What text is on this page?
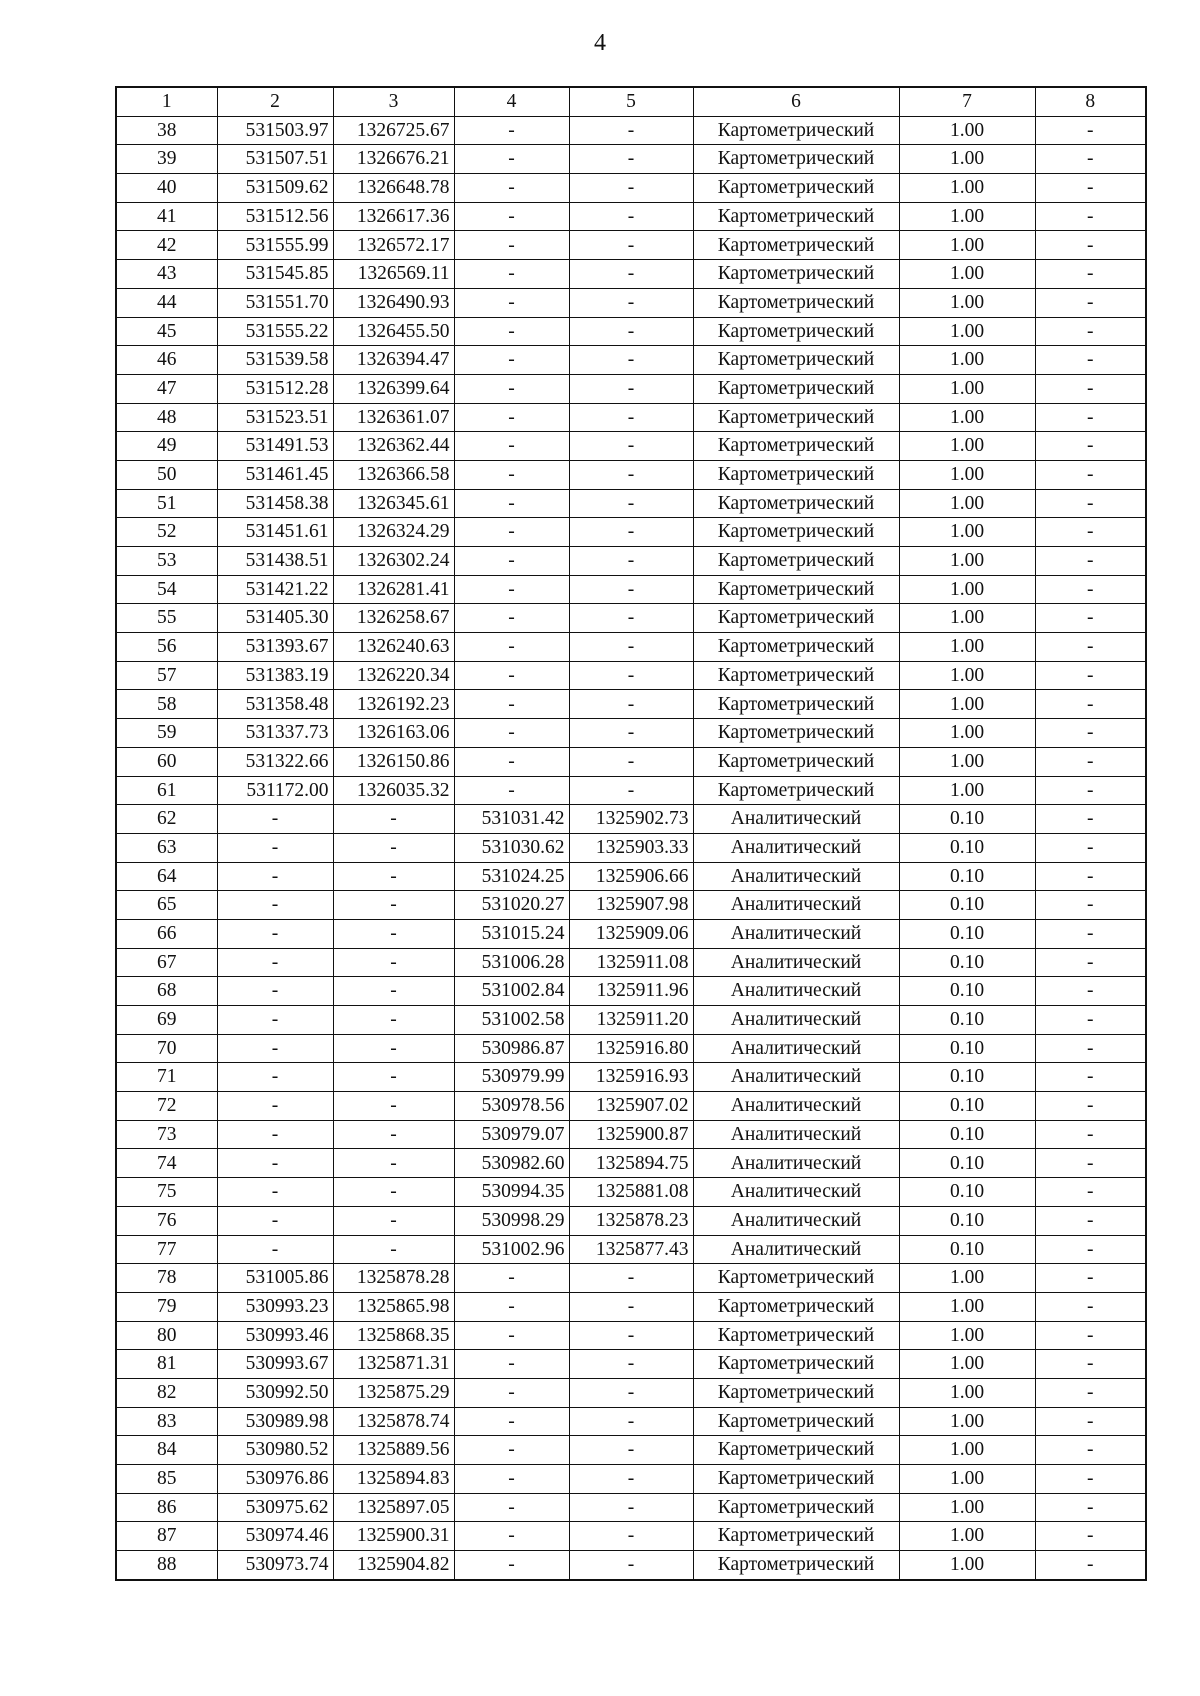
4
1	2	3	4	5	6	7	8
38	531503.97	1326725.67	-	-	Картометрический	1.00	-
39	531507.51	1326676.21	-	-	Картометрический	1.00	-
40	531509.62	1326648.78	-	-	Картометрический	1.00	-
41	531512.56	1326617.36	-	-	Картометрический	1.00	-
42	531555.99	1326572.17	-	-	Картометрический	1.00	-
43	531545.85	1326569.11	-	-	Картометрический	1.00	-
44	531551.70	1326490.93	-	-	Картометрический	1.00	-
45	531555.22	1326455.50	-	-	Картометрический	1.00	-
46	531539.58	1326394.47	-	-	Картометрический	1.00	-
47	531512.28	1326399.64	-	-	Картометрический	1.00	-
48	531523.51	1326361.07	-	-	Картометрический	1.00	-
49	531491.53	1326362.44	-	-	Картометрический	1.00	-
50	531461.45	1326366.58	-	-	Картометрический	1.00	-
51	531458.38	1326345.61	-	-	Картометрический	1.00	-
52	531451.61	1326324.29	-	-	Картометрический	1.00	-
53	531438.51	1326302.24	-	-	Картометрический	1.00	-
54	531421.22	1326281.41	-	-	Картометрический	1.00	-
55	531405.30	1326258.67	-	-	Картометрический	1.00	-
56	531393.67	1326240.63	-	-	Картометрический	1.00	-
57	531383.19	1326220.34	-	-	Картометрический	1.00	-
58	531358.48	1326192.23	-	-	Картометрический	1.00	-
59	531337.73	1326163.06	-	-	Картометрический	1.00	-
60	531322.66	1326150.86	-	-	Картометрический	1.00	-
61	531172.00	1326035.32	-	-	Картометрический	1.00	-
62	-	-	531031.42	1325902.73	Аналитический	0.10	-
63	-	-	531030.62	1325903.33	Аналитический	0.10	-
64	-	-	531024.25	1325906.66	Аналитический	0.10	-
65	-	-	531020.27	1325907.98	Аналитический	0.10	-
66	-	-	531015.24	1325909.06	Аналитический	0.10	-
67	-	-	531006.28	1325911.08	Аналитический	0.10	-
68	-	-	531002.84	1325911.96	Аналитический	0.10	-
69	-	-	531002.58	1325911.20	Аналитический	0.10	-
70	-	-	530986.87	1325916.80	Аналитический	0.10	-
71	-	-	530979.99	1325916.93	Аналитический	0.10	-
72	-	-	530978.56	1325907.02	Аналитический	0.10	-
73	-	-	530979.07	1325900.87	Аналитический	0.10	-
74	-	-	530982.60	1325894.75	Аналитический	0.10	-
75	-	-	530994.35	1325881.08	Аналитический	0.10	-
76	-	-	530998.29	1325878.23	Аналитический	0.10	-
77	-	-	531002.96	1325877.43	Аналитический	0.10	-
78	531005.86	1325878.28	-	-	Картометрический	1.00	-
79	530993.23	1325865.98	-	-	Картометрический	1.00	-
80	530993.46	1325868.35	-	-	Картометрический	1.00	-
81	530993.67	1325871.31	-	-	Картометрический	1.00	-
82	530992.50	1325875.29	-	-	Картометрический	1.00	-
83	530989.98	1325878.74	-	-	Картометрический	1.00	-
84	530980.52	1325889.56	-	-	Картометрический	1.00	-
85	530976.86	1325894.83	-	-	Картометрический	1.00	-
86	530975.62	1325897.05	-	-	Картометрический	1.00	-
87	530974.46	1325900.31	-	-	Картометрический	1.00	-
88	530973.74	1325904.82	-	-	Картометрический	1.00	-
